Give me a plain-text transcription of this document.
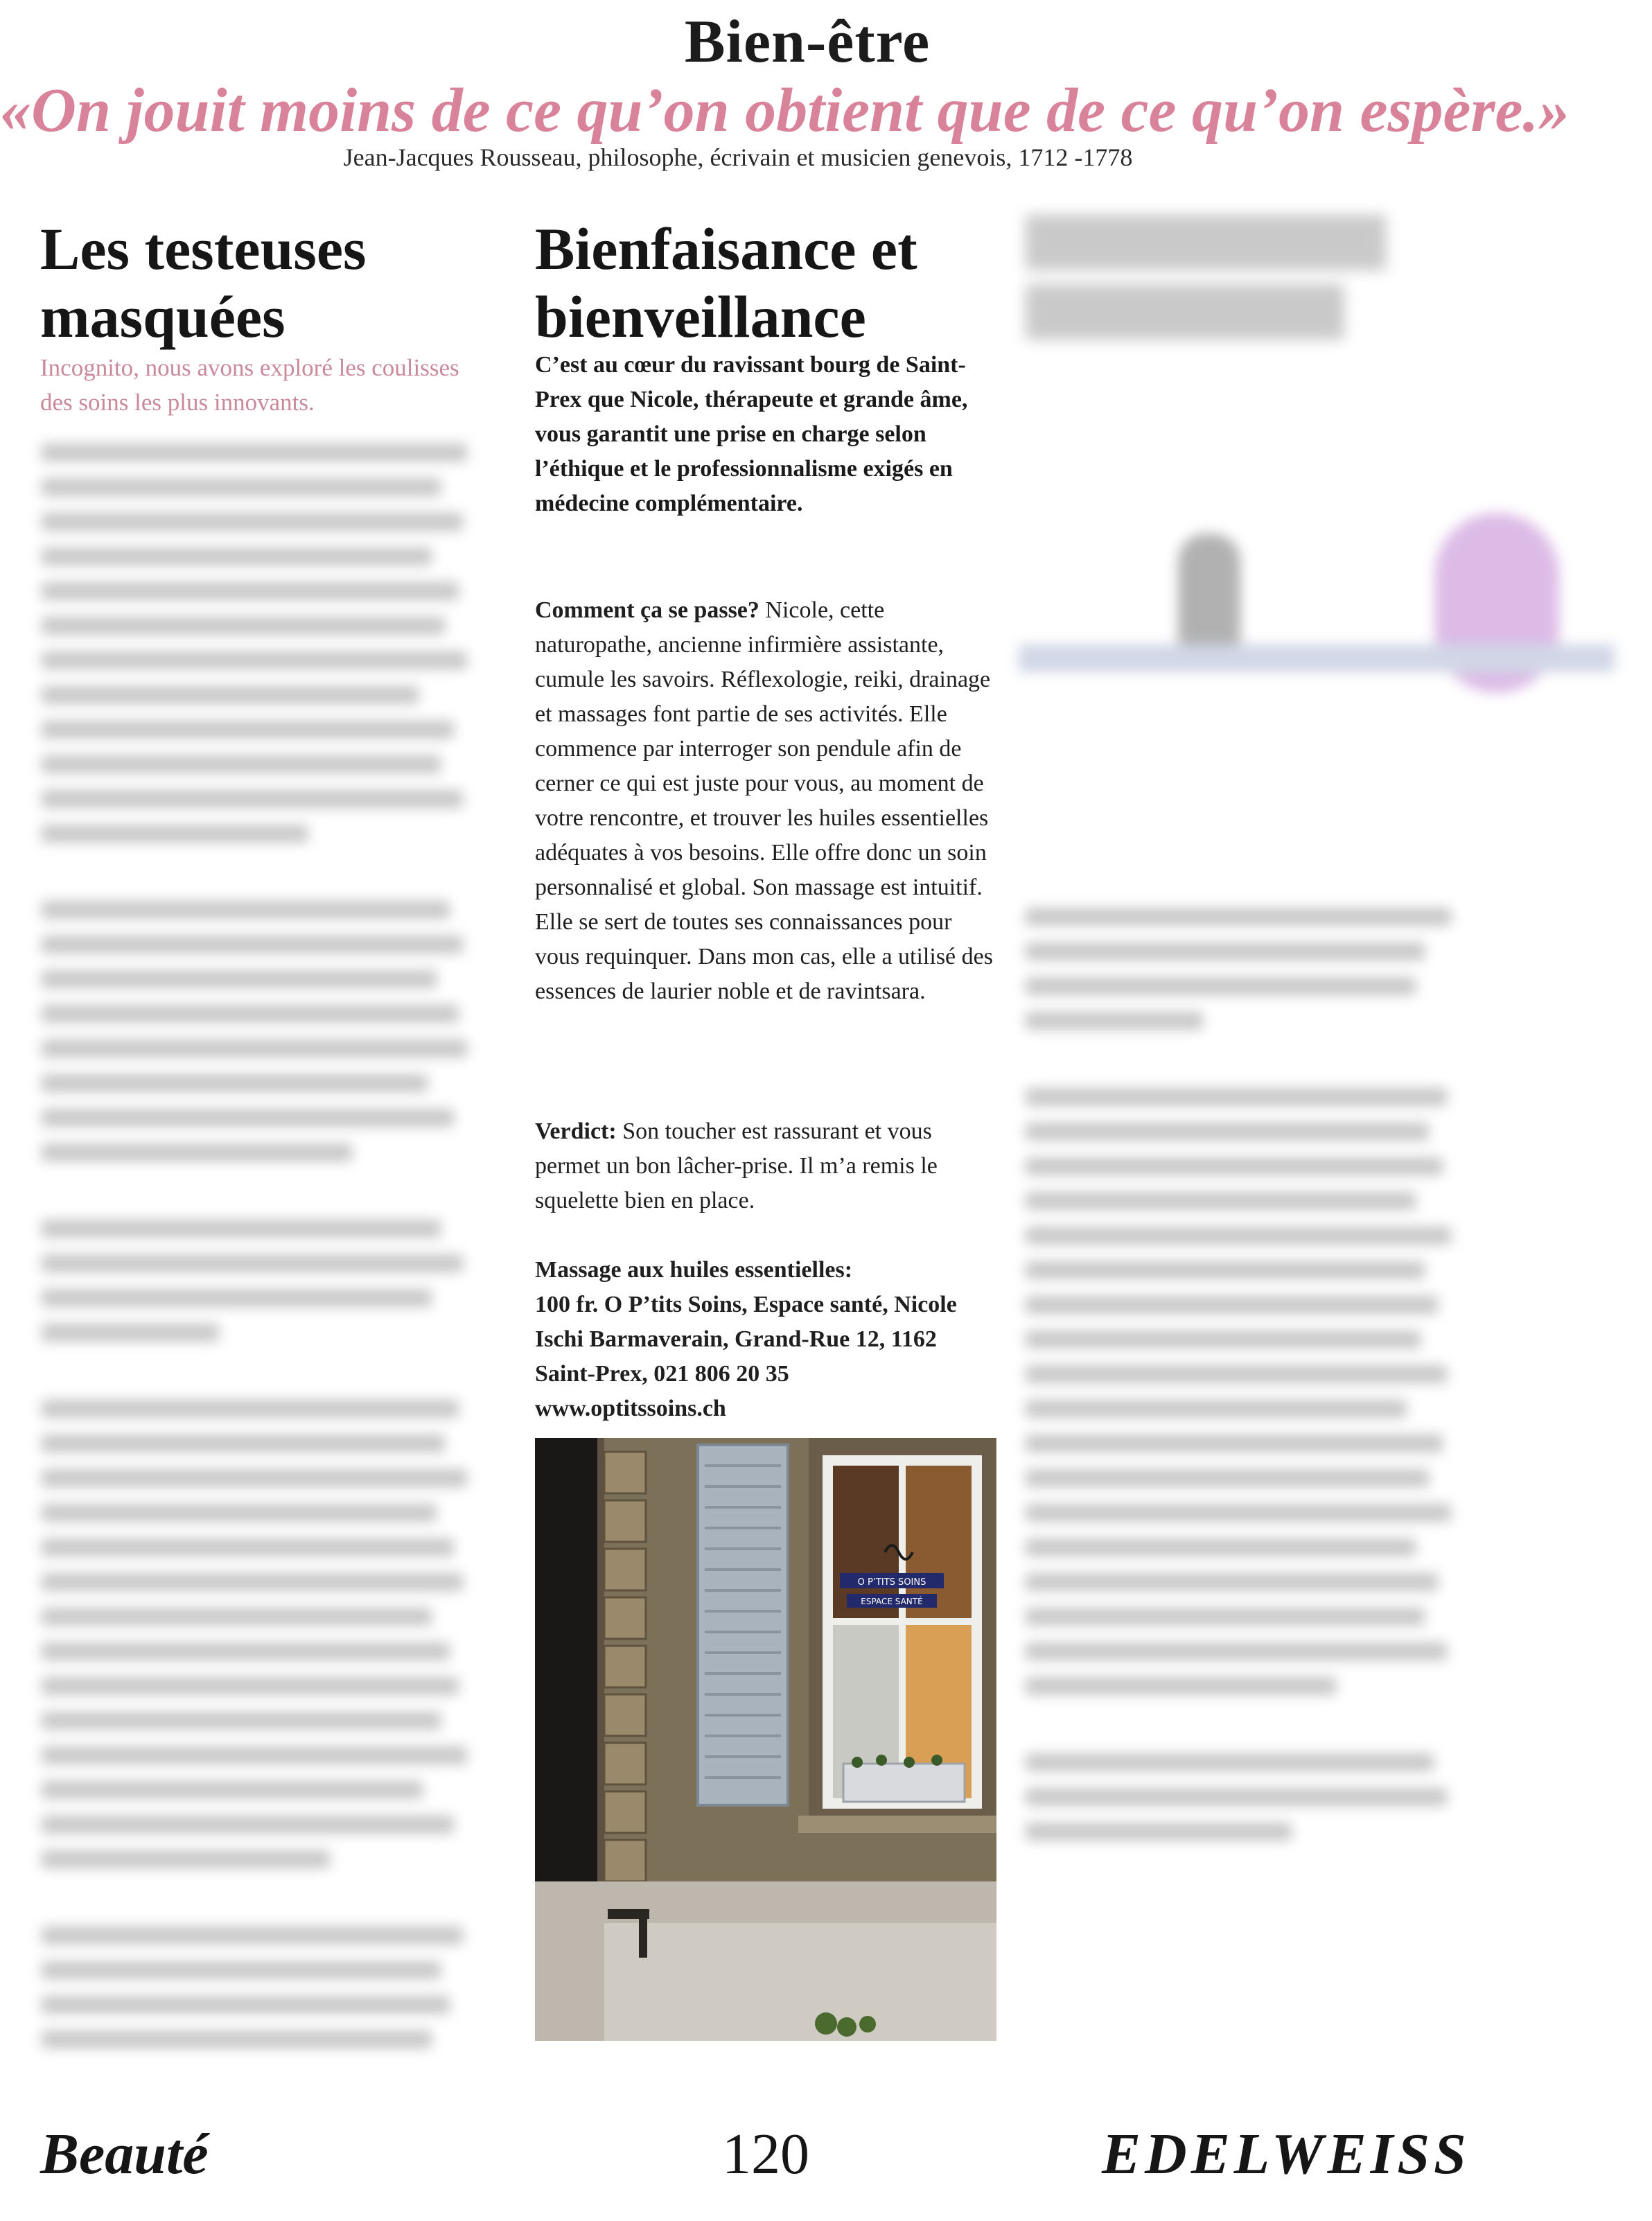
Bien-être
«On jouit moins de ce qu’on obtient que de ce qu’on espère.»
Jean-Jacques Rousseau, philosophe, écrivain et musicien genevois, 1712 -1778
Les testeuses masquées
Incognito, nous avons exploré les coulisses des soins les plus innovants.
Bienfaisance et bienveillance
C’est au cœur du ravissant bourg de Saint-Prex que Nicole, thérapeute et grande âme, vous garantit une prise en charge selon l’éthique et le professionnalisme exigés en médecine complémentaire.
Comment ça se passe? Nicole, cette naturopathe, ancienne infirmière assistante, cumule les savoirs. Réflexologie, reiki, drainage et massages font partie de ses activités. Elle commence par interroger son pendule afin de cerner ce qui est juste pour vous, au moment de votre rencontre, et trouver les huiles essentielles adéquates à vos besoins. Elle offre donc un soin personnalisé et global. Son massage est intuitif. Elle se sert de toutes ses connaissances pour vous requinquer. Dans mon cas, elle a utilisé des essences de laurier noble et de ravintsara.
Verdict: Son toucher est rassurant et vous permet un bon lâcher-prise. Il m’a remis le squelette bien en place.
Massage aux huiles essentielles:
100 fr. O P’tits Soins, Espace santé, Nicole Ischi Barmaverain, Grand-Rue 12, 1162 Saint-Prex, 021 806 20 35
www.optitssoins.ch
O P’TITS SOINS
ESPACE SANTÉ
Beauté	120	EDELWEISS
